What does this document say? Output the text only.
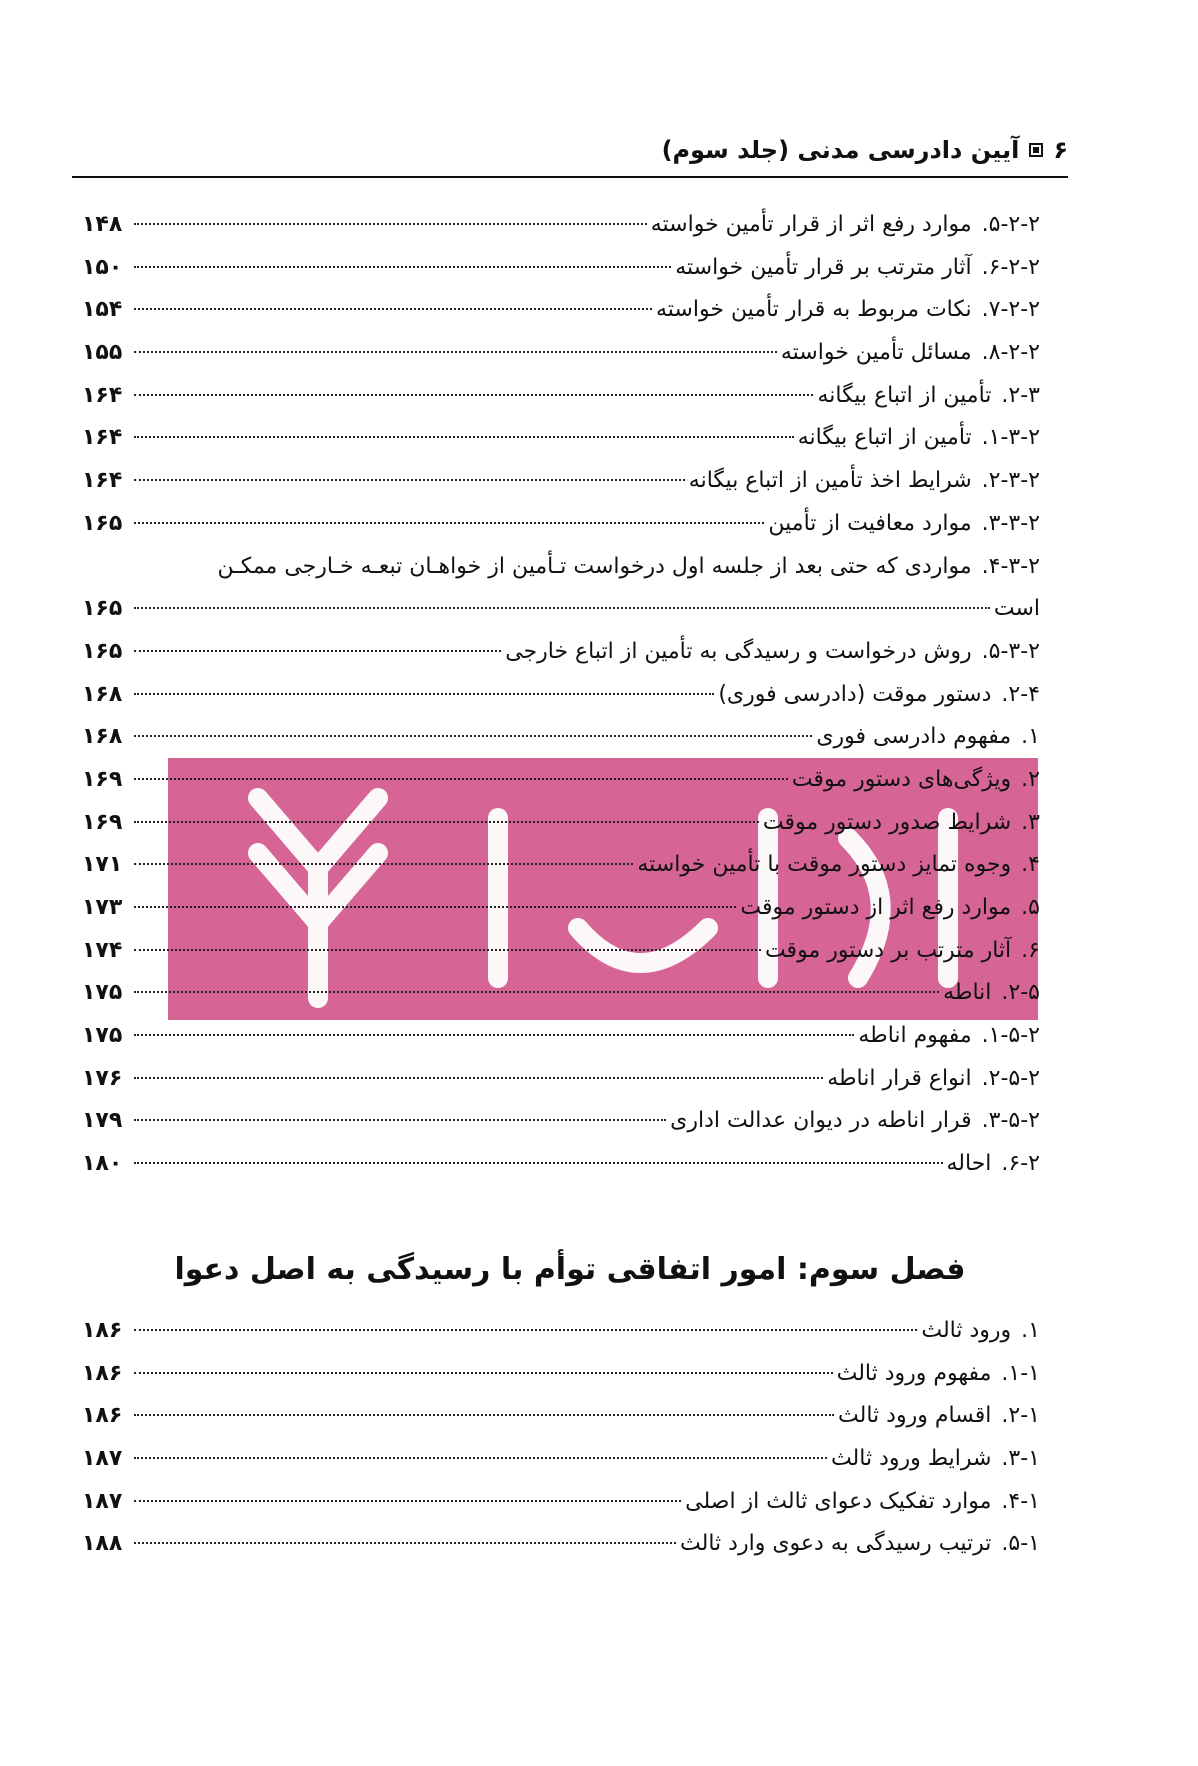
۶
آیین دادرسی مدنی (جلد سوم)
۵-۲-۲.
موارد رفع اثر از قرار تأمین خواسته
۱۴۸
۶-۲-۲.
آثار مترتب بر قرار تأمین خواسته
۱۵۰
۷-۲-۲.
نکات مربوط به قرار تأمین خواسته
۱۵۴
۸-۲-۲.
مسائل تأمین خواسته
۱۵۵
۲-۳.
تأمین از اتباع بیگانه
۱۶۴
۱-۳-۲.
تأمین از اتباع بیگانه
۱۶۴
۲-۳-۲.
شرایط اخذ تأمین از اتباع بیگانه
۱۶۴
۳-۳-۲.
موارد معافیت از تأمین
۱۶۵
۴-۳-۲.
مواردی که حتی بعد از جلسه اول درخواست تـأمین از خواهـان تبعـه خـارجی ممکـن
است
۱۶۵
۵-۳-۲.
روش درخواست و رسیدگی به تأمین از اتباع خارجی
۱۶۵
۲-۴.
دستور موقت (دادرسی فوری)
۱۶۸
۱.
مفهوم دادرسی فوری
۱۶۸
۲.
ویژگی‌های دستور موقت
۱۶۹
۳.
شرایط صدور دستور موقت
۱۶۹
۴.
وجوه تمایز دستور موقت با تأمین خواسته
۱۷۱
۵.
موارد رفع اثر از دستور موقت
۱۷۳
۶.
آثار مترتب بر دستور موقت
۱۷۴
۲-۵.
اناطه
۱۷۵
۱-۵-۲.
مفهوم اناطه
۱۷۵
۲-۵-۲.
انواع قرار اناطه
۱۷۶
۳-۵-۲.
قرار اناطه در دیوان عدالت اداری
۱۷۹
۶-۲.
احاله
۱۸۰
فصل سوم: امور اتفاقی توأم با رسیدگی به اصل دعوا
۱.
ورود ثالث
۱۸۶
۱-۱.
مفهوم ورود ثالث
۱۸۶
۲-۱.
اقسام ورود ثالث
۱۸۶
۳-۱.
شرایط ورود ثالث
۱۸۷
۴-۱.
موارد تفکیک دعوای ثالث از اصلی
۱۸۷
۵-۱.
ترتیب رسیدگی به دعوی وارد ثالث
۱۸۸
